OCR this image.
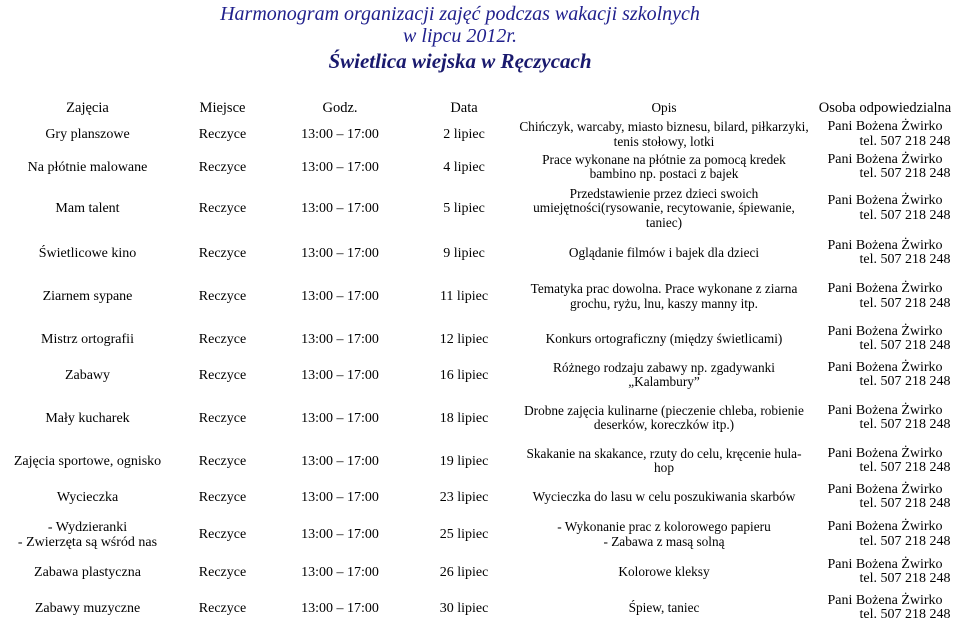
Harmonogram organizacji zajęć podczas wakacji szkolnych
w lipcu 2012r.
Świetlica wiejska w Ręczycach
Zajęcia	Miejsce	Godz.	Data	Opis	Osoba odpowiedzialna
Gry planszowe	Reczyce	13:00 – 17:00	2 lipiec	Chińczyk, warcaby, miasto biznesu, bilard, piłkarzyki, tenis stołowy, lotki	Pani Bożena Żwirko
tel. 507 218 248

Na płótnie malowane	Reczyce	13:00 – 17:00	4 lipiec	Prace wykonane na płótnie za pomocą kredek bambino np. postaci z bajek	Pani Bożena Żwirko
tel. 507 218 248

Mam talent	Reczyce	13:00 – 17:00	5 lipiec	Przedstawienie przez dzieci swoich umiejętności(rysowanie, recytowanie, śpiewanie, taniec)	Pani Bożena Żwirko
tel. 507 218 248

Świetlicowe kino	Reczyce	13:00 – 17:00	9 lipiec	Oglądanie filmów i bajek dla dzieci	Pani Bożena Żwirko
tel. 507 218 248

Ziarnem sypane	Reczyce	13:00 – 17:00	11 lipiec	Tematyka prac dowolna. Prace wykonane z ziarna grochu, ryżu, lnu, kaszy manny itp.	Pani Bożena Żwirko
tel. 507 218 248

Mistrz ortografii	Reczyce	13:00 – 17:00	12 lipiec	Konkurs ortograficzny (między świetlicami)	Pani Bożena Żwirko
tel. 507 218 248

Zabawy	Reczyce	13:00 – 17:00	16 lipiec	Różnego rodzaju zabawy np. zgadywanki „Kalambury”	Pani Bożena Żwirko
tel. 507 218 248

Mały kucharek	Reczyce	13:00 – 17:00	18 lipiec	Drobne zajęcia kulinarne (pieczenie chleba, robienie deserków, koreczków itp.)	Pani Bożena Żwirko
tel. 507 218 248

Zajęcia sportowe, ognisko	Reczyce	13:00 – 17:00	19 lipiec	Skakanie na skakance, rzuty do celu, kręcenie hula-hop	Pani Bożena Żwirko
tel. 507 218 248

Wycieczka	Reczyce	13:00 – 17:00	23 lipiec	Wycieczka do lasu w celu poszukiwania skarbów	Pani Bożena Żwirko
tel. 507 218 248

- Wydzieranki
- Zwierzęta są wśród nas	Reczyce	13:00 – 17:00	25 lipiec	- Wykonanie prac z kolorowego papieru
- Zabawa z masą solną	Pani Bożena Żwirko
tel. 507 218 248

Zabawa plastyczna	Reczyce	13:00 – 17:00	26 lipiec	Kolorowe kleksy	Pani Bożena Żwirko
tel. 507 218 248

Zabawy muzyczne	Reczyce	13:00 – 17:00	30 lipiec	Śpiew, taniec	Pani Bożena Żwirko
tel. 507 218 248
